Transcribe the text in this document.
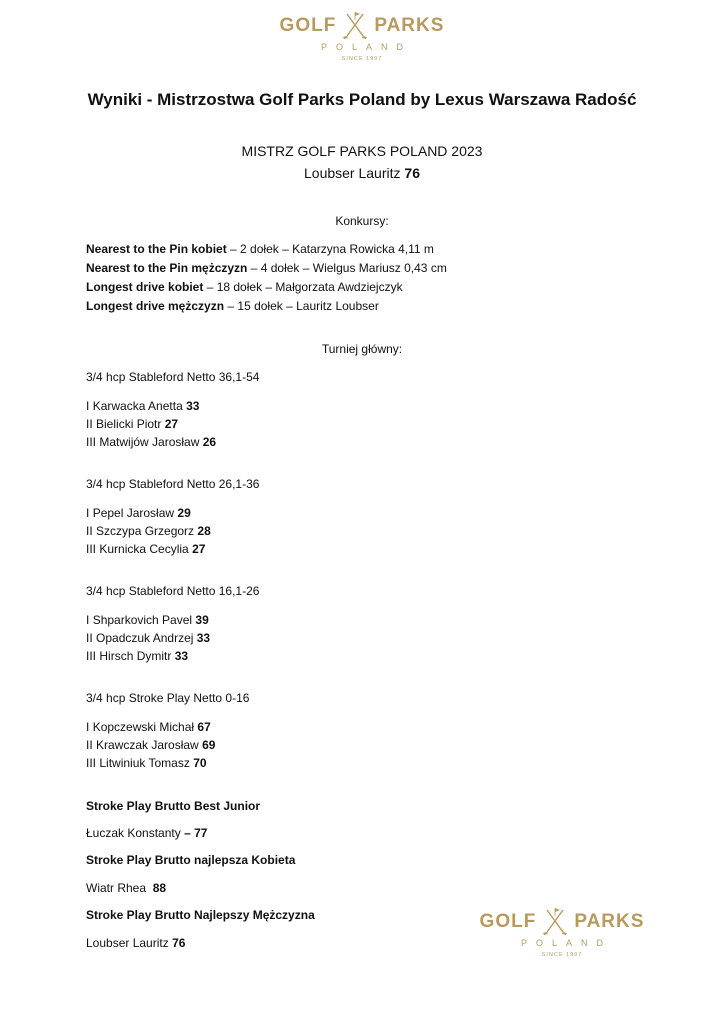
GOLF PARKS
POLAND
SINCE 1997
Wyniki - Mistrzostwa Golf Parks Poland by Lexus Warszawa Radość
MISTRZ GOLF PARKS POLAND 2023
Loubser Lauritz 76
Konkursy:
Nearest to the Pin kobiet – 2 dołek – Katarzyna Rowicka 4,11 m
Nearest to the Pin mężczyzn – 4 dołek – Wielgus Mariusz 0,43 cm
Longest drive kobiet – 18 dołek – Małgorzata Awdziejczyk
Longest drive mężczyzn – 15 dołek – Lauritz Loubser
Turniej główny:
3/4 hcp Stableford Netto 36,1-54
I Karwacka Anetta 33
II Bielicki Piotr 27
III Matwijów Jarosław 26
3/4 hcp Stableford Netto 26,1-36
I Pepel Jarosław 29
II Szczypa Grzegorz 28
III Kurnicka Cecylia 27
3/4 hcp Stableford Netto 16,1-26
I Shparkovich Pavel 39
II Opadczuk Andrzej 33
III Hirsch Dymitr 33
3/4 hcp Stroke Play Netto 0-16
I Kopczewski Michał 67
II Krawczak Jarosław 69
III Litwiniuk Tomasz 70
Stroke Play Brutto Best Junior
Łuczak Konstanty – 77
Stroke Play Brutto najlepsza Kobieta
Wiatr Rhea 88
Stroke Play Brutto Najlepszy Mężczyzna
Loubser Lauritz 76
GOLF PARKS
POLAND
SINCE 1997
